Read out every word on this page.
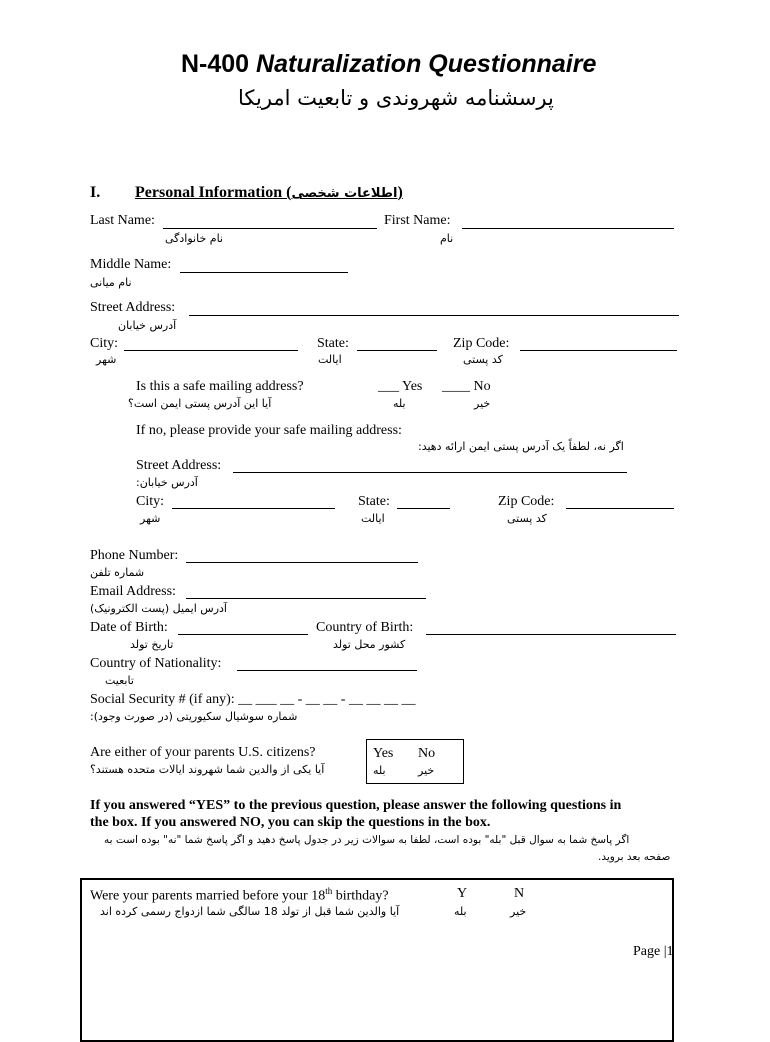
N-400 Naturalization Questionnaire
پرسشنامه شهروندی و تابعیت امریکا
I. Personal Information (اطلاعات شخصی)
Last Name:	First Name:
نام خانوادگی	نام
Middle Name:
نام میانی
Street Address:
آدرس خیابان
City:	State:	Zip Code:
شهر	ایالت	کد پستی
Is this a safe mailing address?	___ Yes ____ No
آیا این آدرس پستی ایمن است؟	بله	خیر
If no, please provide your safe mailing address:
اگر نه، لطفاً یک آدرس پستی ایمن ارائه دهید:
Street Address:
آدرس خیابان:
City:	State:	Zip Code:
شهر	ایالت	کد پستی
Phone Number:
شماره تلفن
Email Address:
آدرس ایمیل (پست الکترونیک)
Date of Birth:	Country of Birth:
تاریخ تولد	کشور محل تولد
Country of Nationality:
تابعیت
Social Security # (if any): __ ___ __ - __ __ - __ __ __ __
شماره سوشیال سکیوریتی (در صورت وجود):
Are either of your parents U.S. citizens?
آیا یکی از والدین شما شهروند ایالات متحده هستند؟
Yes No
بله	خیر
If you answered “YES” to the previous question, please answer the following questions in
the box. If you answered NO, you can skip the questions in the box.
اگر پاسخ شما به سوال قبل "بله" بوده است، لطفا به سوالات زیر در جدول پاسخ دهید و اگر پاسخ شما "نه" بوده است به
صفحه بعد بروید.
Were your parents married before your 18th birthday?
آیا والدین شما قبل از تولد 18 سالگی شما ازدواج رسمی کرده اند
Y	N
بله	خیر
Page |1
